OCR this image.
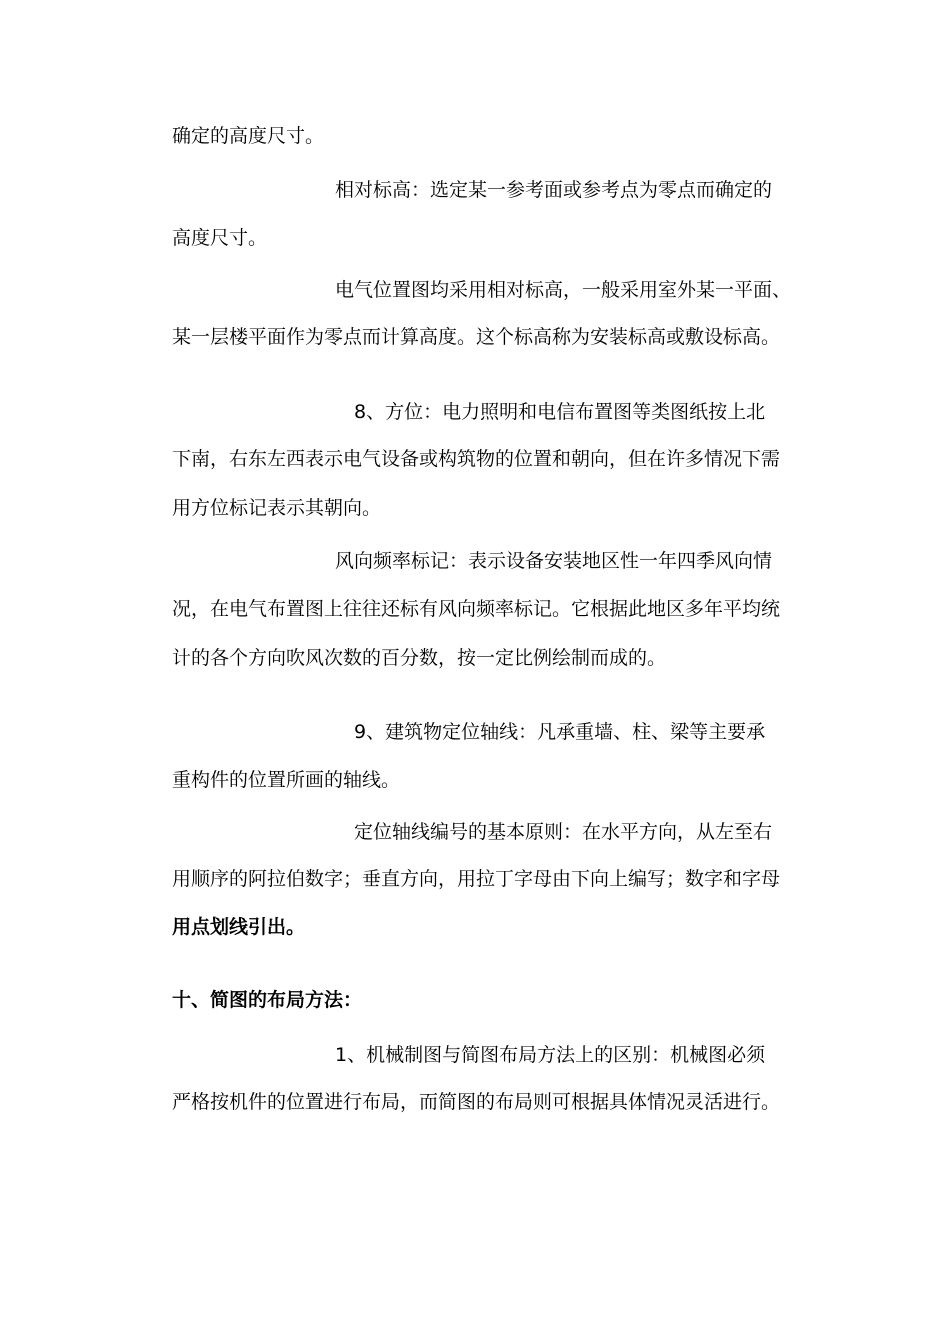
确定的高度尺寸。
相对标高：选定某一参考面或参考点为零点而确定的
高度尺寸。
电气位置图均采用相对标高，一般采用室外某一平面、
某一层楼平面作为零点而计算高度。这个标高称为安装标高或敷设标高。
8、方位：电力照明和电信布置图等类图纸按上北
下南，右东左西表示电气设备或构筑物的位置和朝向，但在许多情况下需
用方位标记表示其朝向。
风向频率标记：表示设备安装地区性一年四季风向情
况，在电气布置图上往往还标有风向频率标记。它根据此地区多年平均统
计的各个方向吹风次数的百分数，按一定比例绘制而成的。
9、建筑物定位轴线：凡承重墙、柱、梁等主要承
重构件的位置所画的轴线。
定位轴线编号的基本原则：在水平方向，从左至右
用顺序的阿拉伯数字；垂直方向，用拉丁字母由下向上编写；数字和字母
用点划线引出。
十、简图的布局方法：
1、机械制图与简图布局方法上的区别：机械图必须
严格按机件的位置进行布局，而简图的布局则可根据具体情况灵活进行。
